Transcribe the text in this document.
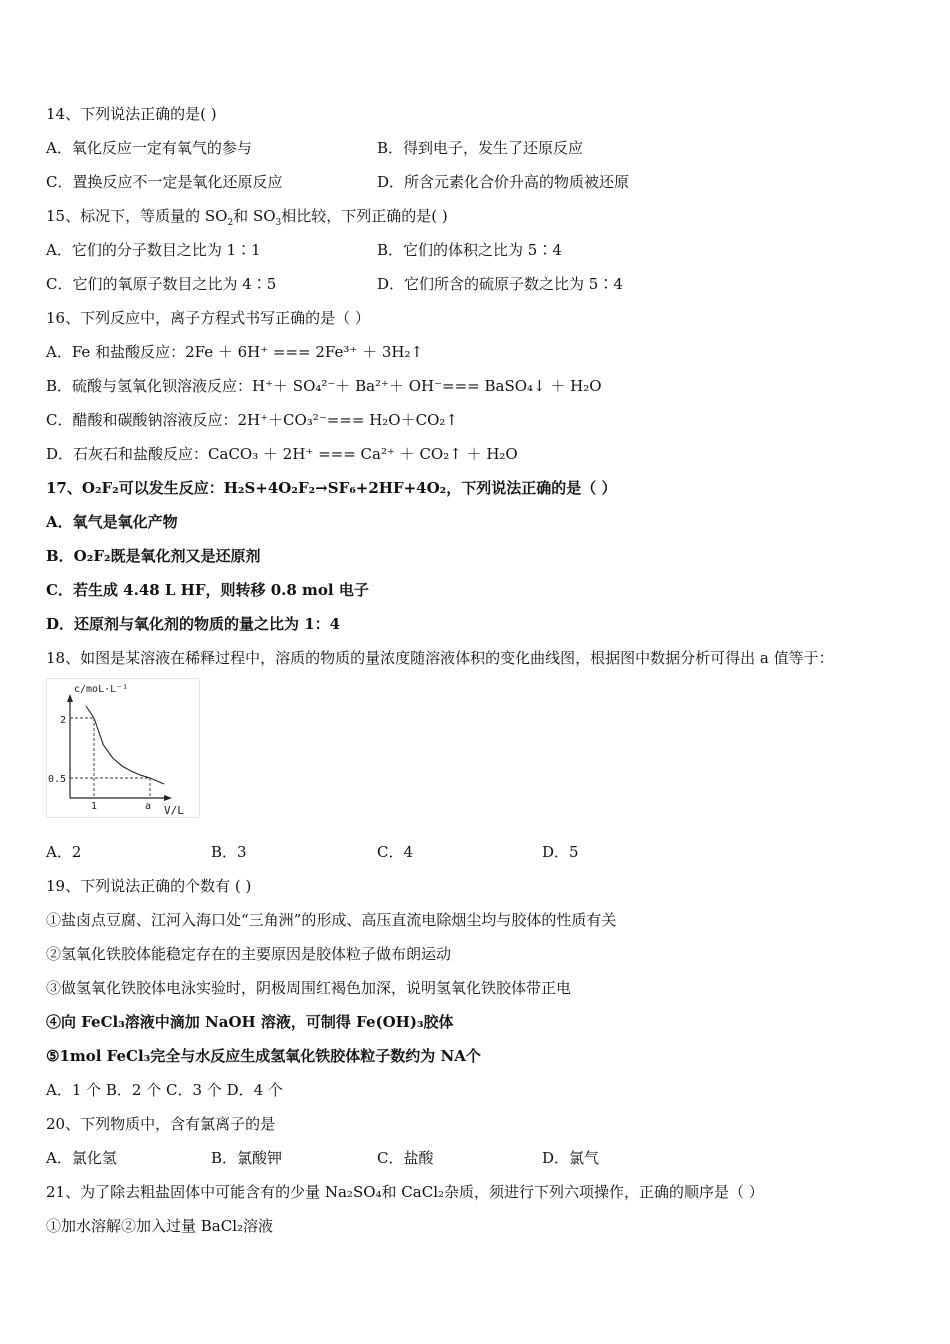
14、下列说法正确的是( )
A．氧化反应一定有氧气的参与	B．得到电子，发生了还原反应
C．置换反应不一定是氧化还原反应	D．所含元素化合价升高的物质被还原
15、标况下，等质量的 $SO_2$和 $SO_3$相比较，下列正确的是( )
A．它们的分子数目之比为 1∶1	B．它们的体积之比为 5∶4
C．它们的氧原子数目之比为 4∶5	D．它们所含的硫原子数之比为 5∶4
16、下列反应中，离子方程式书写正确的是（ ）
A．Fe 和盐酸反应：2Fe ＋ 6H⁺ === 2Fe³⁺ ＋ 3H₂↑
B．硫酸与氢氧化钡溶液反应：H⁺＋ SO₄²⁻＋ Ba²⁺＋ OH⁻=== BaSO₄↓ ＋ H₂O
C．醋酸和碳酸钠溶液反应：2H⁺＋CO₃²⁻=== H₂O＋CO₂↑
D．石灰石和盐酸反应：CaCO₃ ＋ 2H⁺ === Ca²⁺ ＋ CO₂↑ ＋ H₂O
17、O₂F₂可以发生反应：H₂S+4O₂F₂→SF₆+2HF+4O₂，下列说法正确的是（ ）
A．氧气是氧化产物
B．O₂F₂既是氧化剂又是还原剂
C．若生成 4.48 L HF，则转移 0.8 mol 电子
D．还原剂与氧化剂的物质的量之比为 1：4
18、如图是某溶液在稀释过程中，溶质的物质的量浓度随溶液体积的变化曲线图，根据图中数据分析可得出 a 值等于：
c/moL·L⁻¹
V/L
2
0.5
1	a
A．2	B．3	C．4	D．5
19、下列说法正确的个数有 ( )
①盐卤点豆腐、江河入海口处“三角洲”的形成、高压直流电除烟尘均与胶体的性质有关
②氢氧化铁胶体能稳定存在的主要原因是胶体粒子做布朗运动
③做氢氧化铁胶体电泳实验时，阴极周围红褐色加深，说明氢氧化铁胶体带正电
④向 FeCl₃溶液中滴加 NaOH 溶液，可制得 Fe(OH)₃胶体
⑤1mol FeCl₃完全与水反应生成氢氧化铁胶体粒子数约为 NA个
A．1 个 B．2 个 C．3 个 D．4 个
20、下列物质中，含有氯离子的是
A．氯化氢	B．氯酸钾	C．盐酸	D．氯气
21、为了除去粗盐固体中可能含有的少量 Na₂SO₄和 CaCl₂杂质，须进行下列六项操作，正确的顺序是（ ）
①加水溶解②加入过量 BaCl₂溶液
